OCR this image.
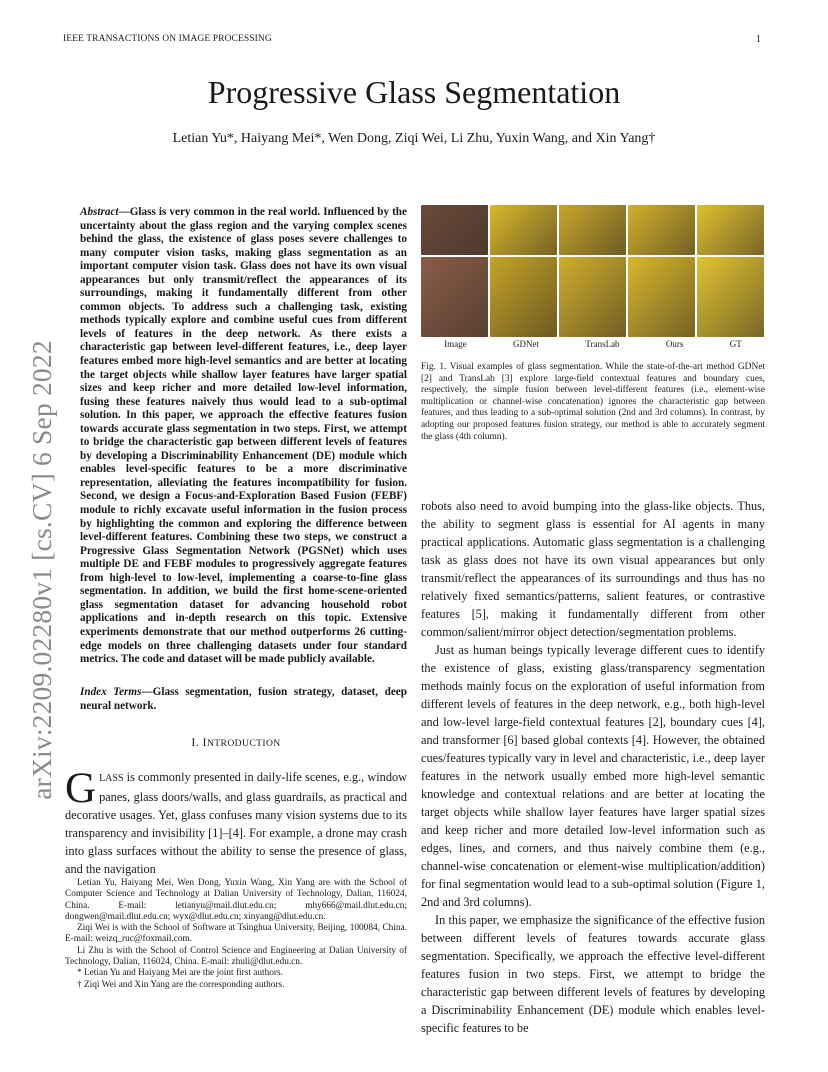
IEEE TRANSACTIONS ON IMAGE PROCESSING	1
arXiv:2209.02280v1 [cs.CV] 6 Sep 2022
Progressive Glass Segmentation
Letian Yu*, Haiyang Mei*, Wen Dong, Ziqi Wei, Li Zhu, Yuxin Wang, and Xin Yang†

Abstract—Glass is very common in the real world. Influenced by the uncertainty about the glass region and the varying complex scenes behind the glass, the existence of glass poses severe challenges to many computer vision tasks, making glass segmentation as an important computer vision task. Glass does not have its own visual appearances but only transmit/reflect the appearances of its surroundings, making it fundamentally different from other common objects. To address such a challenging task, existing methods typically explore and combine useful cues from different levels of features in the deep network. As there exists a characteristic gap between level-different features, i.e., deep layer features embed more high-level semantics and are better at locating the target objects while shallow layer features have larger spatial sizes and keep richer and more detailed low-level information, fusing these features naively thus would lead to a sub-optimal solution. In this paper, we approach the effective features fusion towards accurate glass segmentation in two steps. First, we attempt to bridge the characteristic gap between different levels of features by developing a Discriminability Enhancement (DE) module which enables level-specific features to be a more discriminative representation, alleviating the features incompatibility for fusion. Second, we design a Focus-and-Exploration Based Fusion (FEBF) module to richly excavate useful information in the fusion process by highlighting the common and exploring the difference between level-different features. Combining these two steps, we construct a Progressive Glass Segmentation Network (PGSNet) which uses multiple DE and FEBF modules to progressively aggregate features from high-level to low-level, implementing a coarse-to-fine glass segmentation. In addition, we build the first home-scene-oriented glass segmentation dataset for advancing household robot applications and in-depth research on this topic. Extensive experiments demonstrate that our method outperforms 26 cutting-edge models on three challenging datasets under four standard metrics. The code and dataset will be made publicly available.

Index Terms—Glass segmentation, fusion strategy, dataset, deep neural network.
I. INTRODUCTION

GLASS is commonly presented in daily-life scenes, e.g., window panes, glass doors/walls, and glass guardrails, as practical and decorative usages. Yet, glass confuses many vision systems due to its transparency and invisibility [1]–[4]. For example, a drone may crash into glass surfaces without the ability to sense the presence of glass, and the navigation

Letian Yu, Haiyang Mei, Wen Dong, Yuxin Wang, Xin Yang are with the School of Computer Science and Technology at Dalian University of Technology, Dalian, 116024, China. E-mail: letianyu@mail.dlut.edu.cn; mhy666@mail.dlut.edu.cn; dongwen@mail.dlut.edu.cn; wyx@dlut.edu.cn; xinyang@dlut.edu.cn.

Ziqi Wei is with the School of Software at Tsinghua University, Beijing, 100084, China. E-mail: weizq_ruc@foxmail.com.

Li Zhu is with the School of Control Science and Engineering at Dalian University of Technology, Dalian, 116024, China. E-mail: zhuli@dlut.edu.cn.

* Letian Yu and Haiyang Mei are the joint first authors.

† Ziqi Wei and Xin Yang are the corresponding authors.

Image	GDNet	TransLab	Ours	GT
Fig. 1. Visual examples of glass segmentation. While the state-of-the-art method GDNet [2] and TransLab [3] explore large-field contextual features and boundary cues, respectively, the simple fusion between level-different features (i.e., element-wise multiplication or channel-wise concatenation) ignores the characteristic gap between features, and thus leading to a sub-optimal solution (2nd and 3rd columns). In contrast, by adopting our proposed features fusion strategy, our method is able to accurately segment the glass (4th column).

robots also need to avoid bumping into the glass-like objects. Thus, the ability to segment glass is essential for AI agents in many practical applications. Automatic glass segmentation is a challenging task as glass does not have its own visual appearances but only transmit/reflect the appearances of its surroundings and thus has no relatively fixed semantics/patterns, salient features, or contrastive features [5], making it fundamentally different from other common/salient/mirror object detection/segmentation problems.

Just as human beings typically leverage different cues to identify the existence of glass, existing glass/transparency segmentation methods mainly focus on the exploration of useful information from different levels of features in the deep network, e.g., both high-level and low-level large-field contextual features [2], boundary cues [4], and transformer [6] based global contexts [4]. However, the obtained cues/features typically vary in level and characteristic, i.e., deep layer features in the network usually embed more high-level semantic knowledge and contextual relations and are better at locating the target objects while shallow layer features have larger spatial sizes and keep richer and more detailed low-level information such as edges, lines, and corners, and thus naively combine them (e.g., channel-wise concatenation or element-wise multiplication/addition) for final segmentation would lead to a sub-optimal solution (Figure 1, 2nd and 3rd columns).

In this paper, we emphasize the significance of the effective fusion between different levels of features towards accurate glass segmentation. Specifically, we approach the effective level-different features fusion in two steps. First, we attempt to bridge the characteristic gap between different levels of features by developing a Discriminability Enhancement (DE) module which enables level-specific features to be
